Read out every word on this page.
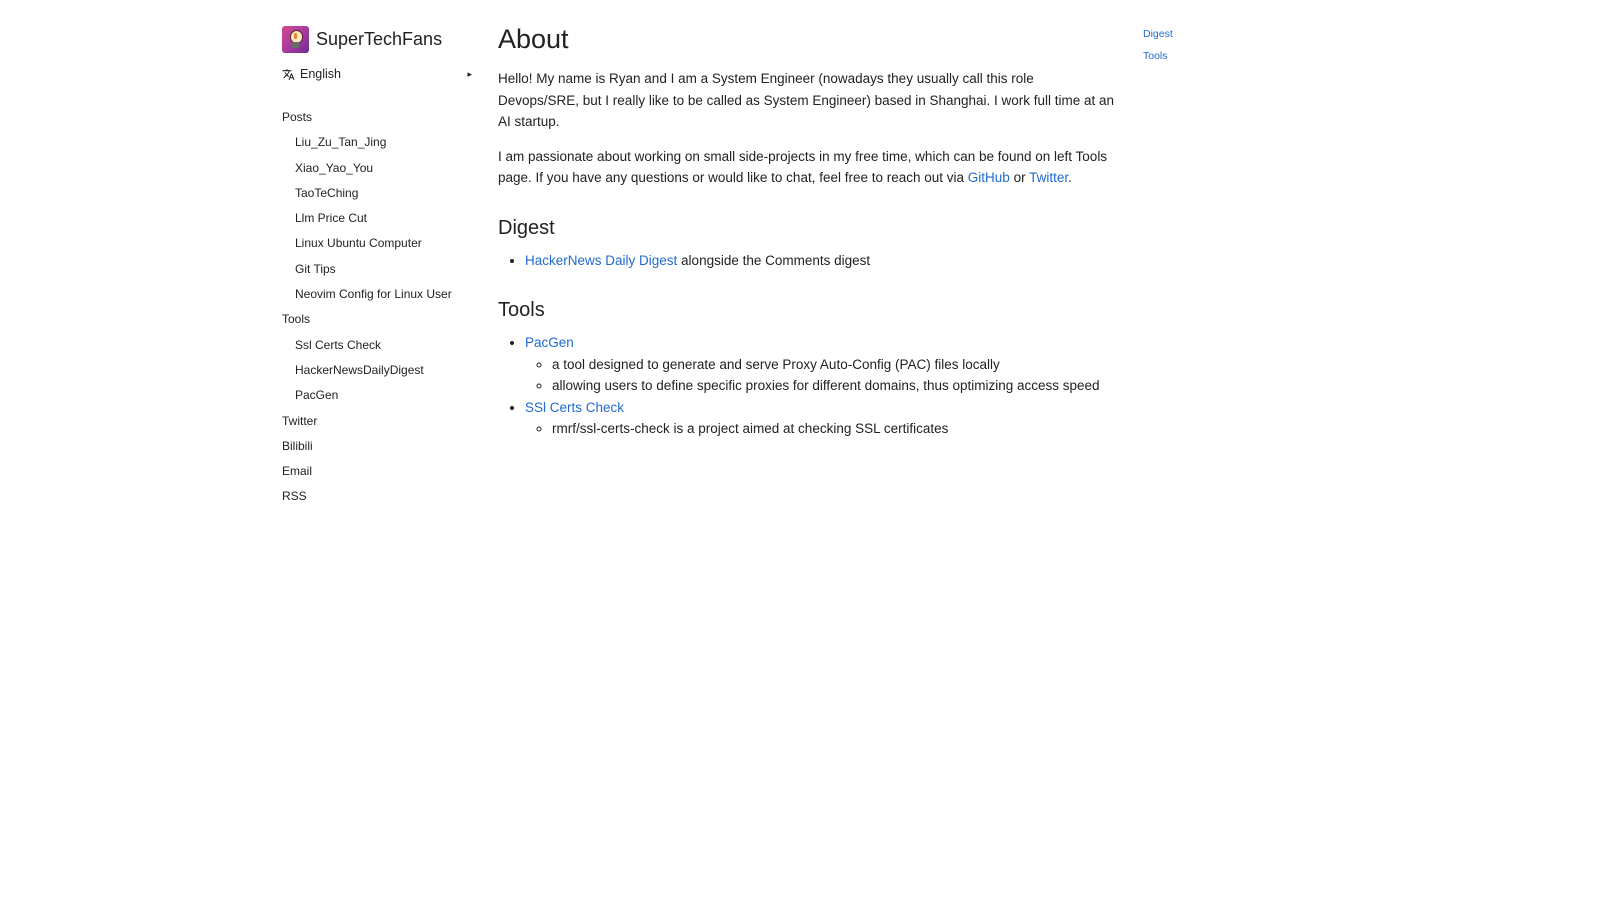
SuperTechFans
English	▸
Posts
Liu_Zu_Tan_Jing
Xiao_Yao_You
TaoTeChing
Llm Price Cut
Linux Ubuntu Computer
Git Tips
Neovim Config for Linux User
Tools
Ssl Certs Check
HackerNewsDailyDigest
PacGen
Twitter
Bilibili
Email
RSS
About

Hello! My name is Ryan and I am a System Engineer (nowadays they usually call this role Devops/SRE, but I really like to be called as System Engineer) based in Shanghai. I work full time at an AI startup.

I am passionate about working on small side-projects in my free time, which can be found on left Tools page. If you have any questions or would like to chat, feel free to reach out via GitHub or Twitter.

Digest
• HackerNews Daily Digest alongside the Comments digest
Tools
• PacGen
◦ a tool designed to generate and serve Proxy Auto-Config (PAC) files locally
◦ allowing users to define specific proxies for different domains, thus optimizing access speed
• SSl Certs Check
◦ rmrf/ssl-certs-check is a project aimed at checking SSL certificates
Digest
Tools
